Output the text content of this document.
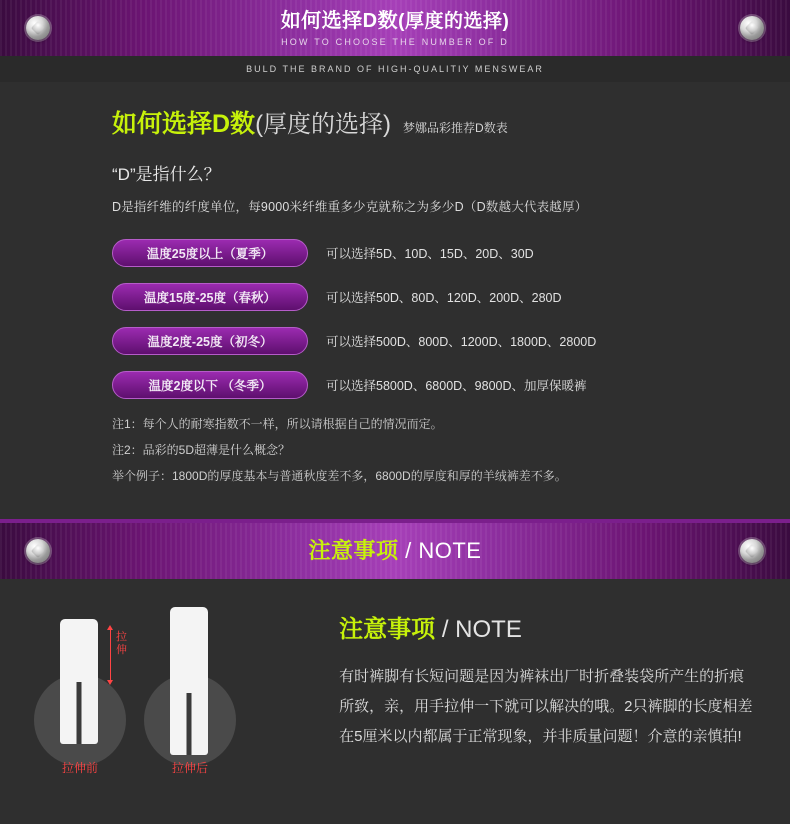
如何选择D数(厚度的选择)
HOW TO CHOOSE THE NUMBER OF D
BULD THE BRAND OF HIGH-QUALITIY MENSWEAR
如何选择D数 (厚度的选择) 梦娜品彩推荐D数表
“D”是指什么？
D是指纤维的纤度单位，每9000米纤维重多少克就称之为多少D（D数越大代表越厚）
温度25度以上（夏季）	可以选择5D、10D、15D、20D、30D
温度15度-25度（春秋）	可以选择50D、80D、120D、200D、280D
温度2度-25度（初冬）	可以选择500D、800D、1200D、1800D、2800D
温度2度以下 （冬季）	可以选择5800D、6800D、9800D、加厚保暖裤
注1：每个人的耐寒指数不一样，所以请根据自己的情况而定。
注2：品彩的5D超薄是什么概念？
举个例子：1800D的厚度基本与普通秋度差不多，6800D的厚度和厚的羊绒裤差不多。
注意事项 / NOTE
拉伸前
拉伸
拉伸后
注意事项 / NOTE
有时裤脚有长短问题是因为裤袜出厂时折叠装袋所产生的折痕所致，亲，用手拉伸一下就可以解决的哦。2只裤脚的长度相差在5厘米以内都属于正常现象，并非质量问题！介意的亲慎拍!
